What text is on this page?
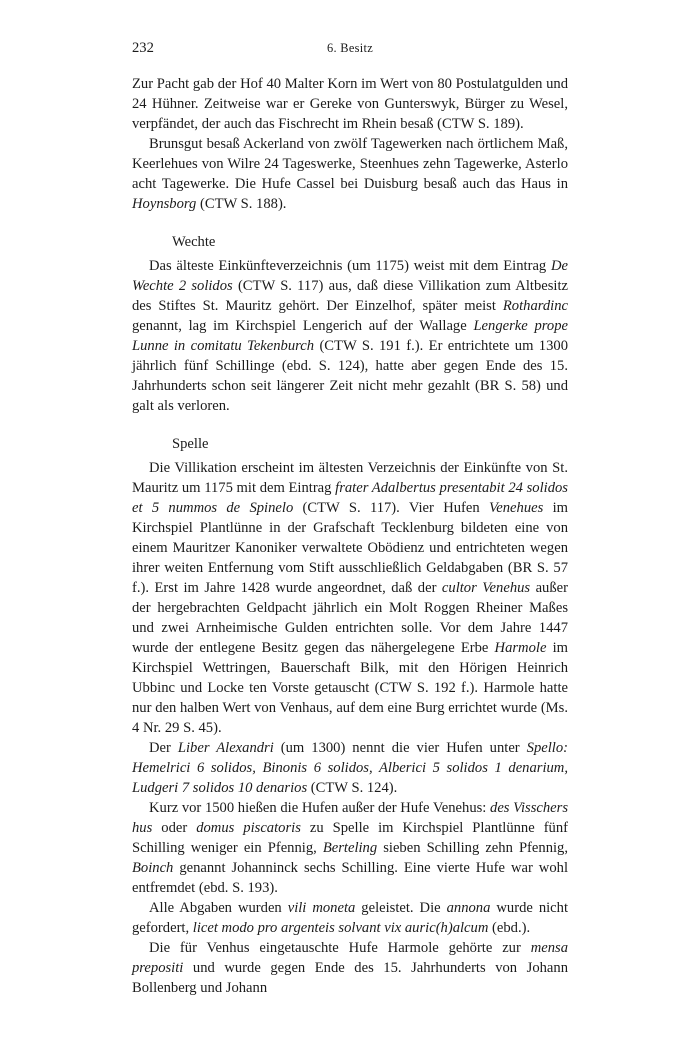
232	6. Besitz

Zur Pacht gab der Hof 40 Malter Korn im Wert von 80 Postulatgulden und 24 Hühner. Zeitweise war er Gereke von Gunterswyk, Bürger zu Wesel, verpfändet, der auch das Fischrecht im Rhein besaß (CTW S. 189).

Brunsgut besaß Ackerland von zwölf Tagewerken nach örtlichem Maß, Keerlehues von Wilre 24 Tageswerke, Steenhues zehn Tagewerke, Asterlo acht Tagewerke. Die Hufe Cassel bei Duisburg besaß auch das Haus in Hoynsborg (CTW S. 188).

Wechte

Das älteste Einkünfteverzeichnis (um 1175) weist mit dem Eintrag De Wechte 2 solidos (CTW S. 117) aus, daß diese Villikation zum Altbesitz des Stiftes St. Mauritz gehört. Der Einzelhof, später meist Rothardinc genannt, lag im Kirchspiel Lengerich auf der Wallage Lengerke prope Lunne in comitatu Tekenburch (CTW S. 191 f.). Er entrichtete um 1300 jährlich fünf Schillinge (ebd. S. 124), hatte aber gegen Ende des 15. Jahrhunderts schon seit längerer Zeit nicht mehr gezahlt (BR S. 58) und galt als verloren.

Spelle

Die Villikation erscheint im ältesten Verzeichnis der Einkünfte von St. Mauritz um 1175 mit dem Eintrag frater Adalbertus presentabit 24 solidos et 5 nummos de Spinelo (CTW S. 117). Vier Hufen Venehues im Kirchspiel Plantlünne in der Grafschaft Tecklenburg bildeten eine von einem Mauritzer Kanoniker verwaltete Obödienz und entrichteten wegen ihrer weiten Entfernung vom Stift ausschließlich Geldabgaben (BR S. 57 f.). Erst im Jahre 1428 wurde angeordnet, daß der cultor Venehus außer der hergebrachten Geldpacht jährlich ein Molt Roggen Rheiner Maßes und zwei Arnheimische Gulden entrichten solle. Vor dem Jahre 1447 wurde der entlegene Besitz gegen das nähergelegene Erbe Harmole im Kirchspiel Wettringen, Bauerschaft Bilk, mit den Hörigen Heinrich Ubbinc und Locke ten Vorste getauscht (CTW S. 192 f.). Harmole hatte nur den halben Wert von Venhaus, auf dem eine Burg errichtet wurde (Ms. 4 Nr. 29 S. 45).

Der Liber Alexandri (um 1300) nennt die vier Hufen unter Spello: Hemelrici 6 solidos, Binonis 6 solidos, Alberici 5 solidos 1 denarium, Ludgeri 7 solidos 10 denarios (CTW S. 124).

Kurz vor 1500 hießen die Hufen außer der Hufe Venehus: des Visschers hus oder domus piscatoris zu Spelle im Kirchspiel Plantlünne fünf Schilling weniger ein Pfennig, Berteling sieben Schilling zehn Pfennig, Boinch genannt Johanninck sechs Schilling. Eine vierte Hufe war wohl entfremdet (ebd. S. 193).

Alle Abgaben wurden vili moneta geleistet. Die annona wurde nicht gefordert, licet modo pro argenteis solvant vix auric(h)alcum (ebd.).

Die für Venhus eingetauschte Hufe Harmole gehörte zur mensa prepositi und wurde gegen Ende des 15. Jahrhunderts von Johann Bollenberg und Johann
